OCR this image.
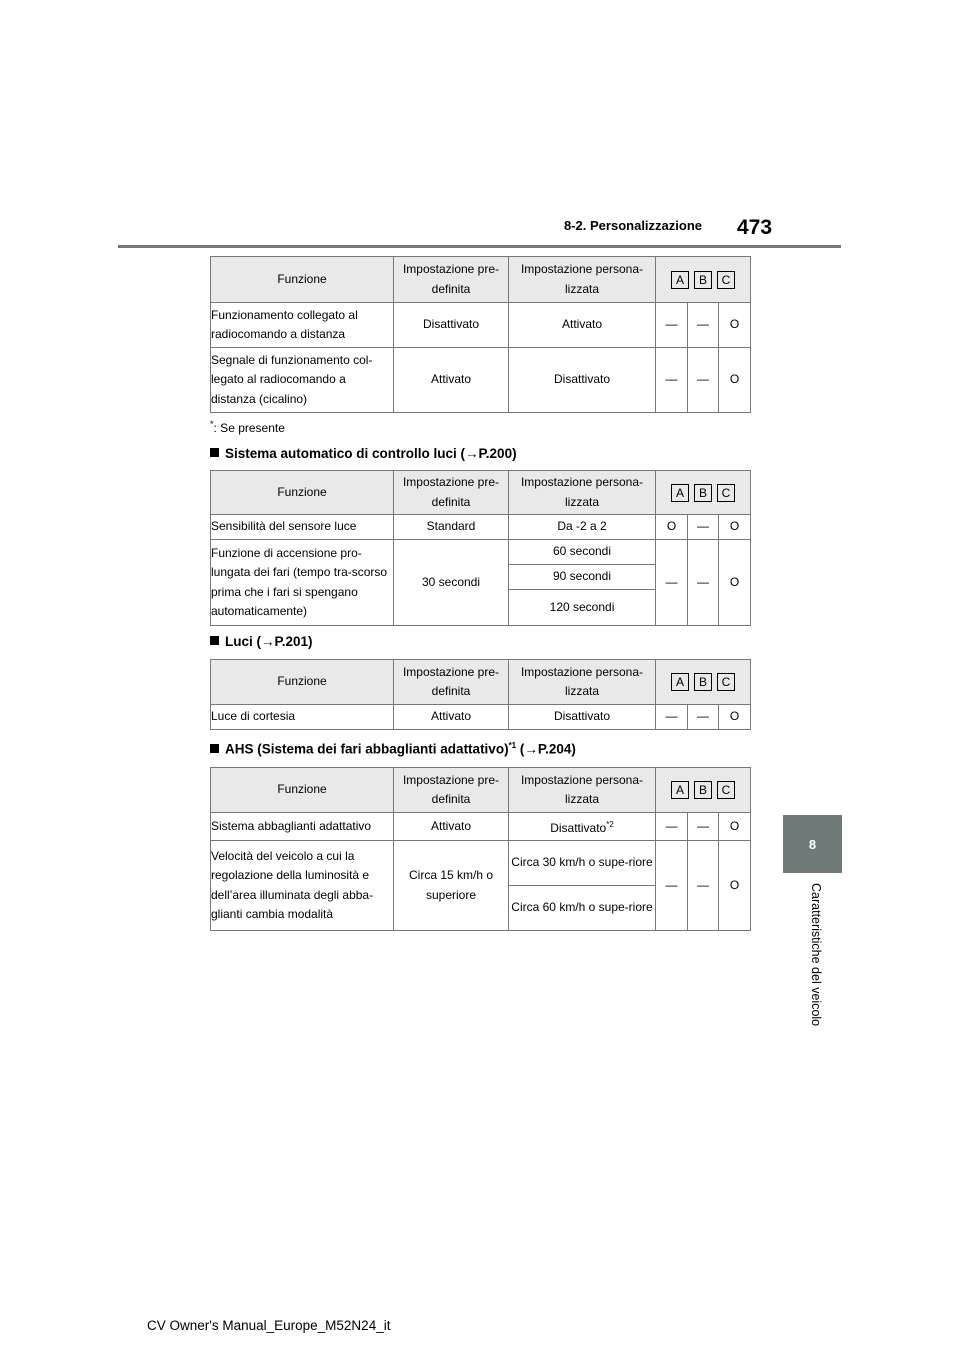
8-2. Personalizzazione 473
8
Caratteristiche del veicolo
Funzione	Impostazione pre-definita	Impostazione persona-lizzata	A B C		

Funzionamento collegato al radiocomando a distanza	Disattivato	Attivato	—	—	O
Segnale di funzionamento col-legato al radiocomando a distanza (cicalino)	Attivato	Disattivato	—	—	O
*: Se presente
Sistema automatico di controllo luci (→P.200)
Funzione	Impostazione pre-definita	Impostazione persona-lizzata	A B C		

Sensibilità del sensore luce	Standard	Da -2 a 2	O	—	O
Funzione di accensione pro-lungata dei fari (tempo tra-scorso prima che i fari si spengano automaticamente)	30 secondi	60 secondi	—	—	O
		90 secondi			
		120 secondi			
Luci (→P.201)
Funzione	Impostazione pre-definita	Impostazione persona-lizzata	A B C		

Luce di cortesia	Attivato	Disattivato	—	—	O
AHS (Sistema dei fari abbaglianti adattativo)$^{*1}$ (→P.204)
Funzione	Impostazione pre-definita	Impostazione persona-lizzata	A B C		

Sistema abbaglianti adattativo	Attivato	Disattivato$^{*2}$	—	—	O
Velocità del veicolo a cui la regolazione della luminosità e dell’area illuminata degli abba-glianti cambia modalità	Circa 15 km/h o superiore	Circa 30 km/h o supe-riore	—	—	O
		Circa 60 km/h o supe-riore			
CV Owner's Manual_Europe_M52N24_it
